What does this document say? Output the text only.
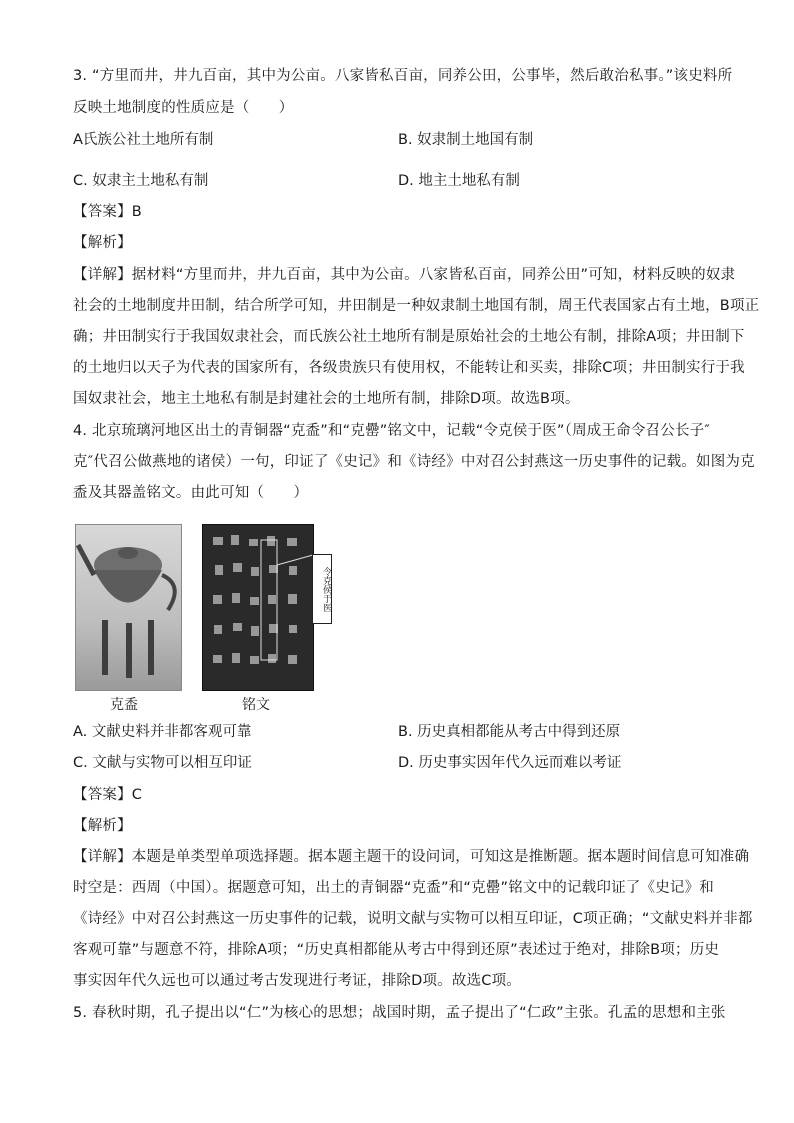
3. “方里而井，井九百亩，其中为公亩。八家皆私百亩，同养公田，公事毕，然后敢治私事。”该史料所
反映土地制度的性质应是（　　）
A氏族公社土地所有制	B. 奴隶制土地国有制
C. 奴隶主土地私有制	D. 地主土地私有制
【答案】B
【解析】
【详解】据材料“方里而井，井九百亩，其中为公亩。八家皆私百亩，同养公田”可知，材料反映的奴隶
社会的土地制度井田制，结合所学可知，井田制是一种奴隶制土地国有制，周王代表国家占有土地，B项正
确；井田制实行于我国奴隶社会，而氏族公社土地所有制是原始社会的土地公有制，排除A项；井田制下
的土地归以天子为代表的国家所有，各级贵族只有使用权，不能转让和买卖，排除C项；井田制实行于我
国奴隶社会，地主土地私有制是封建社会的土地所有制，排除D项。故选B项。
4. 北京琉璃河地区出土的青铜器“克盉”和“克罍”铭文中，记载“令克侯于医”（周成王命令召公长子″
克″代召公做燕地的诸侯）一句，印证了《史记》和《诗经》中对召公封燕这一历史事件的记载。如图为克
盉及其器盖铭文。由此可知（　　）
令克侯于医
克盉	铭文
A. 文献史料并非都客观可靠	B. 历史真相都能从考古中得到还原
C. 文献与实物可以相互印证	D. 历史事实因年代久远而难以考证
【答案】C
【解析】
【详解】本题是单类型单项选择题。据本题主题干的设问词，可知这是推断题。据本题时间信息可知准确
时空是：西周（中国）。据题意可知，出土的青铜器“克盉”和“克罍”铭文中的记载印证了《史记》和
《诗经》中对召公封燕这一历史事件的记载，说明文献与实物可以相互印证，C项正确；“文献史料并非都
客观可靠”与题意不符，排除A项；“历史真相都能从考古中得到还原”表述过于绝对，排除B项；历史
事实因年代久远也可以通过考古发现进行考证，排除D项。故选C项。
5. 春秋时期，孔子提出以“仁”为核心的思想；战国时期，孟子提出了“仁政”主张。孔孟的思想和主张
